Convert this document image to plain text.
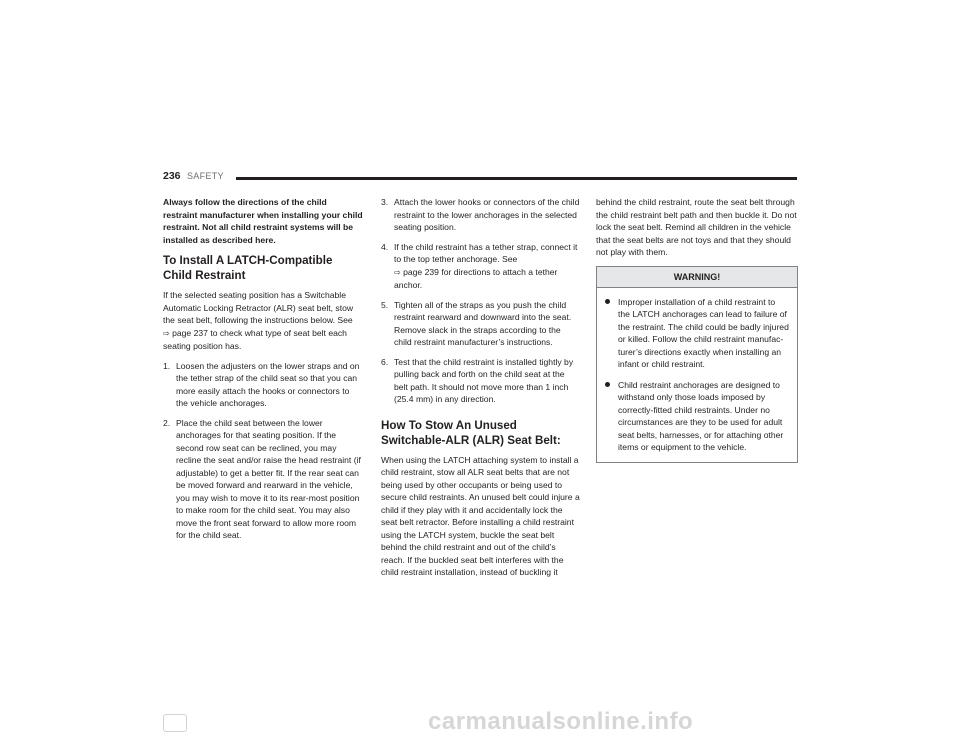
236 SAFETY

Always follow the directions of the child restraint manufacturer when installing your child restraint. Not all child restraint systems will be installed as described here.

To Install A LATCH-Compatible Child Restraint

If the selected seating position has a Switchable Automatic Locking Retractor (ALR) seat belt, stow the seat belt, following the instructions below. See
⇨ page 237 to check what type of seat belt each seating position has.

1. Loosen the adjusters on the lower straps and on the tether strap of the child seat so that you can more easily attach the hooks or connectors to the vehicle anchorages.
2. Place the child seat between the lower anchorages for that seating position. If the second row seat can be reclined, you may recline the seat and/or raise the head restraint (if adjustable) to get a better fit. If the rear seat can be moved forward and rearward in the vehicle, you may wish to move it to its rear-most position to make room for the child seat. You may also move the front seat forward to allow more room for the child seat.
3. Attach the lower hooks or connectors of the child restraint to the lower anchorages in the selected seating position.
4. If the child restraint has a tether strap, connect it to the top tether anchorage. See
⇨ page 239 for directions to attach a tether anchor.
5. Tighten all of the straps as you push the child restraint rearward and downward into the seat. Remove slack in the straps according to the child restraint manufacturer’s instructions.
6. Test that the child restraint is installed tightly by pulling back and forth on the child seat at the belt path. It should not move more than 1 inch (25.4 mm) in any direction.
How To Stow An Unused Switchable-ALR (ALR) Seat Belt:

When using the LATCH attaching system to install a child restraint, stow all ALR seat belts that are not being used by other occupants or being used to secure child restraints. An unused belt could injure a child if they play with it and accidentally lock the seat belt retractor. Before installing a child restraint using the LATCH system, buckle the seat belt behind the child restraint and out of the child’s reach. If the buckled seat belt interferes with the child restraint installation, instead of buckling it

behind the child restraint, route the seat belt through the child restraint belt path and then buckle it. Do not lock the seat belt. Remind all children in the vehicle that the seat belts are not toys and that they should not play with them.

WARNING!
Improper installation of a child restraint to the LATCH anchorages can lead to failure of the restraint. The child could be badly injured or killed. Follow the child restraint manufac-turer’s directions exactly when installing an infant or child restraint.
Child restraint anchorages are designed to withstand only those loads imposed by correctly-fitted child restraints. Under no circumstances are they to be used for adult seat belts, harnesses, or for attaching other items or equipment to the vehicle.
carmanualsonline.info
